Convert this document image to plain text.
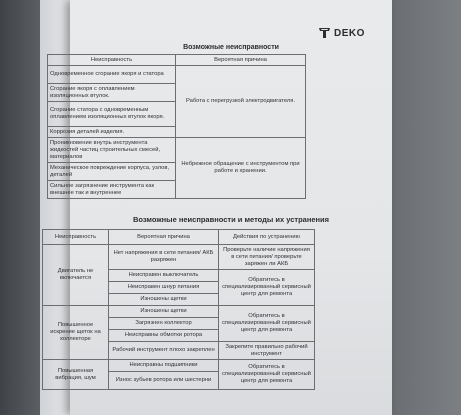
DEKO
Возможные неисправности
Возможные неисправности и методы их устранения
Неисправность	Вероятная причина
Одновременное сгорание якоря и статора	Работа с перегрузкой электродвигателя.
Сгорание якоря с оплавлением изоляционных втулок.	
Сгорание статора с одновременным оплавлением изоляционных втулок якоря.	
Коррозия деталей изделия.	
Проникновение внутрь инструмента жидкостей частиц строительных смесей, материалов	Небрежное обращение с инструментом при работе и хранении.
Механическое повреждение корпуса, узлов, деталей	
Сильное загрязнение инструмента как внешнее так и внутреннее	
Неисправность	Вероятная причина	Действия по устранению
Двигатель не включается	Нет напряжения в сети питания/ АКБ разряжен	Проверьте наличие напряжения в сети питания/ проверьте заряжен ли АКБ
	Неисправен выключатель	Обратитесь в специализированный сервисный центр для ремонта
	Неисправен шнур питания	
	Изношены щетки	
Повышенное искрение щеток на коллекторе	Изношены щетки	Обратитесь в специализированный сервисный центр для ремонта
	Загрязнен коллектор	
	Неисправны обмотки ротора	
	Рабочий инструмент плохо закреплен	Закрепите правильно рабочий инструмент
Повышенная вибрация, шум	Неисправны подшипники	Обратитесь в специализированный сервисный центр для ремонта
	Износ зубьев ротора или шестерни	
